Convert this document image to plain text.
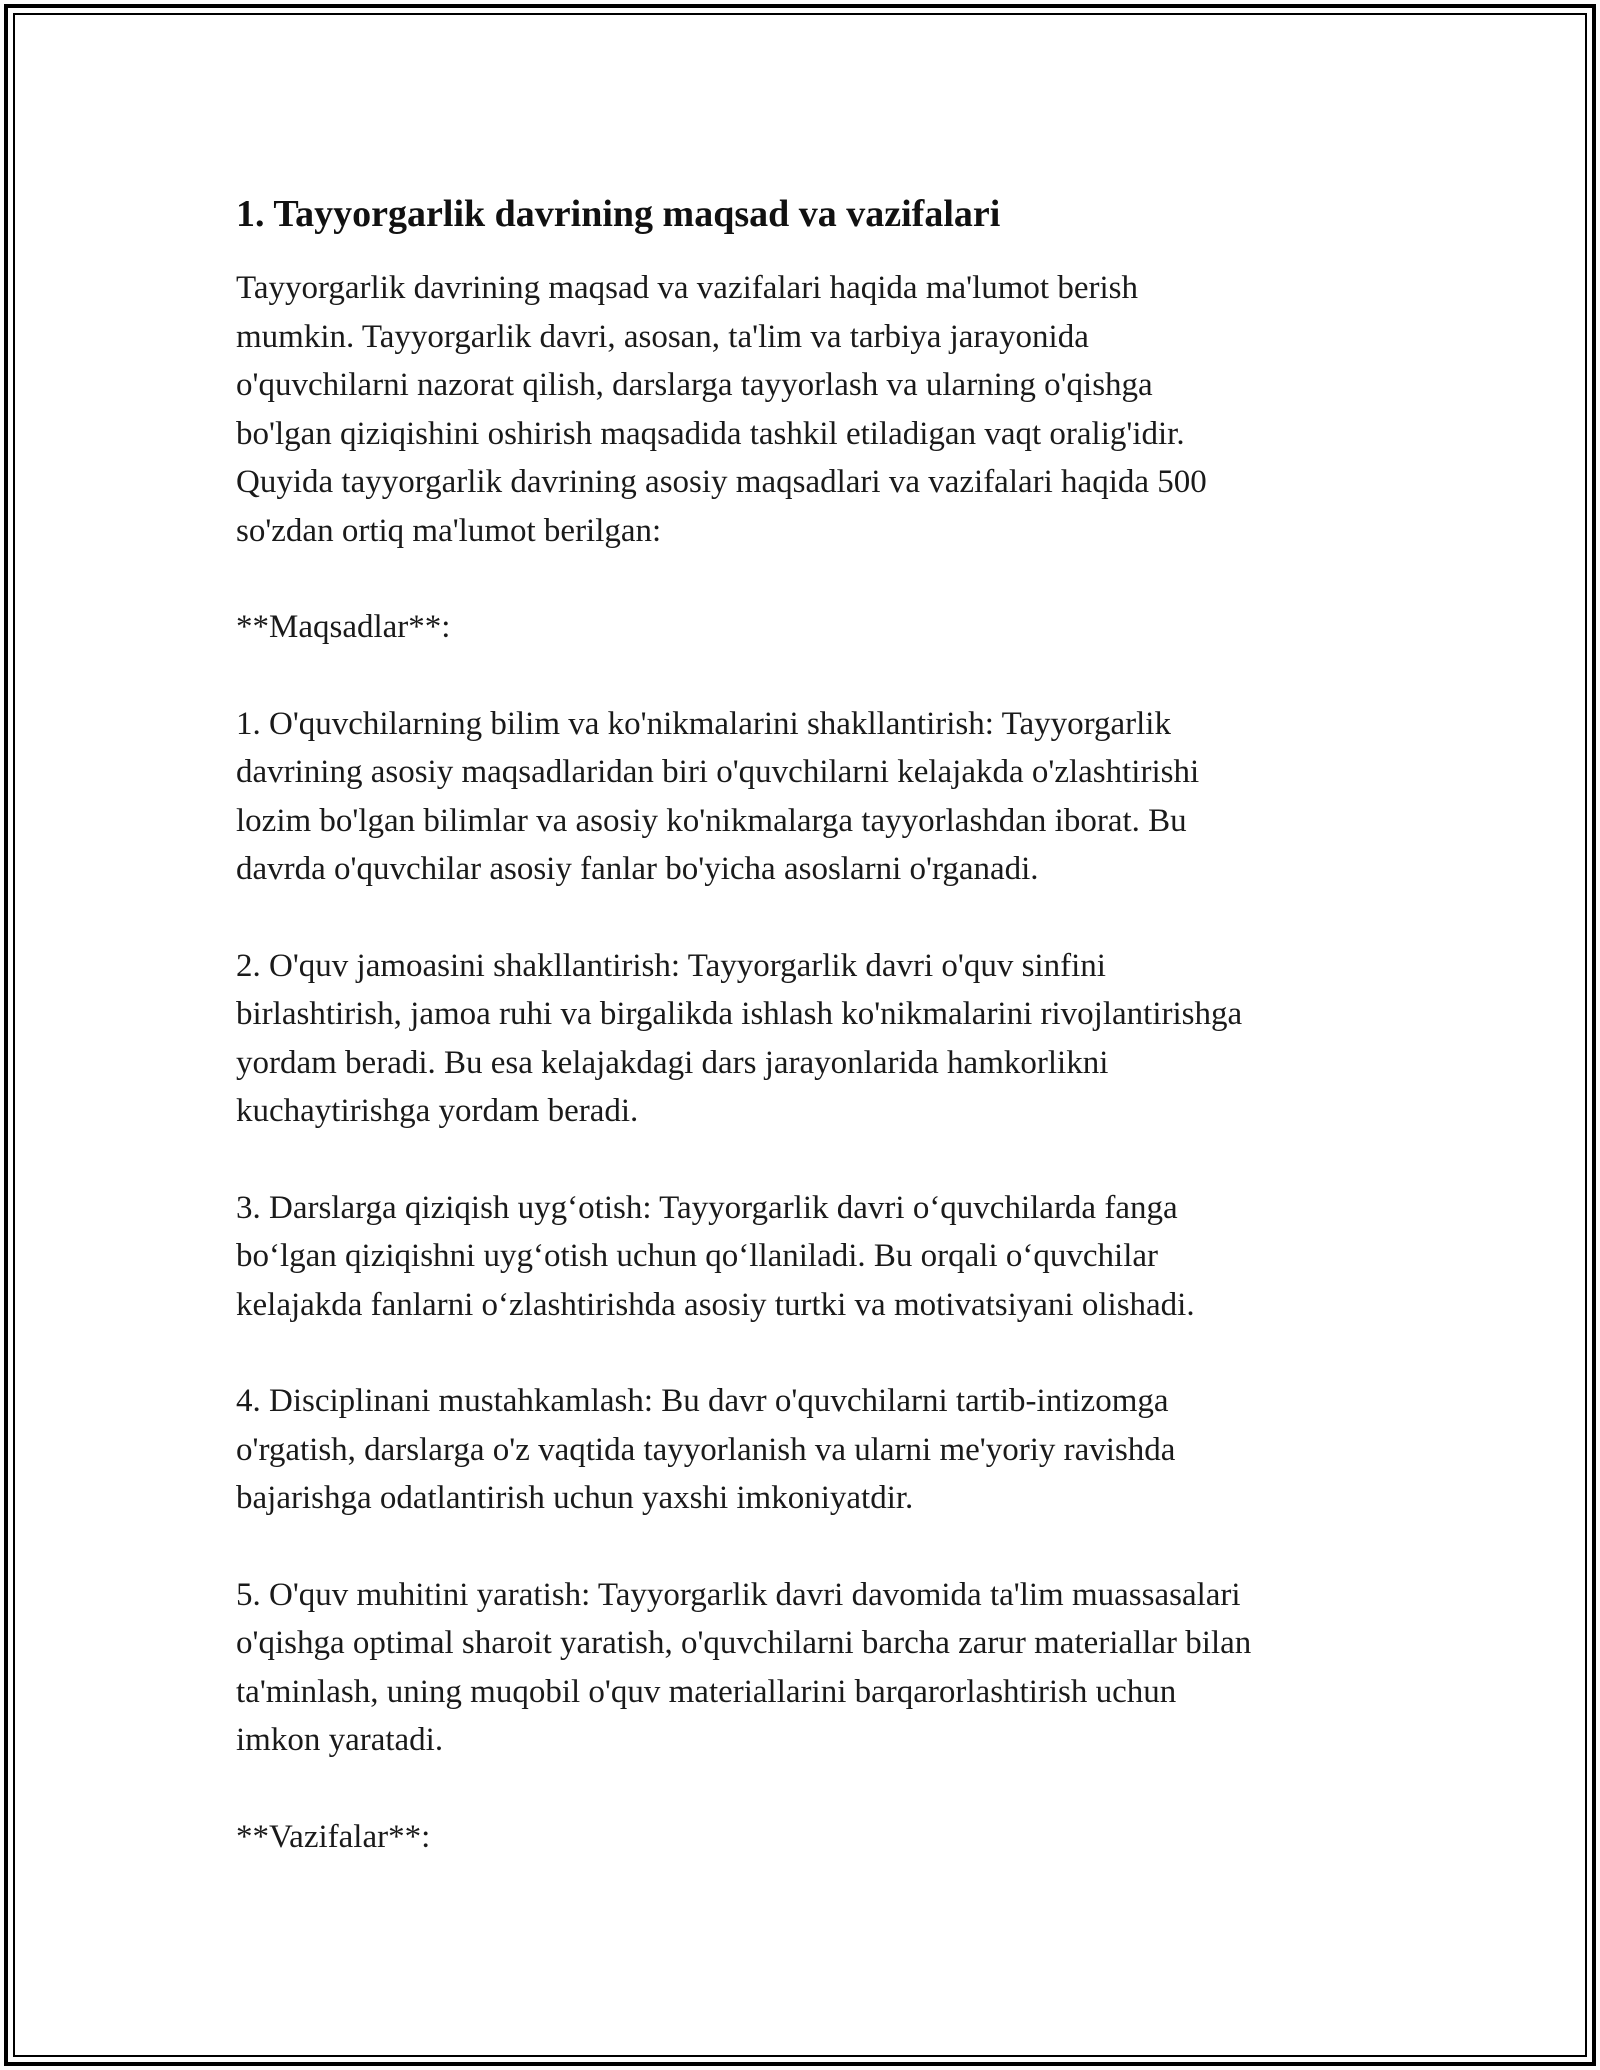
1. Tayyorgarlik davrining maqsad va vazifalari

Tayyorgarlik davrining maqsad va vazifalari haqida ma'lumot berish
mumkin. Tayyorgarlik davri, asosan, ta'lim va tarbiya jarayonida
o'quvchilarni nazorat qilish, darslarga tayyorlash va ularning o'qishga
bo'lgan qiziqishini oshirish maqsadida tashkil etiladigan vaqt oralig'idir.
Quyida tayyorgarlik davrining asosiy maqsadlari va vazifalari haqida 500
so'zdan ortiq ma'lumot berilgan:

**Maqsadlar**:

1. O'quvchilarning bilim va ko'nikmalarini shakllantirish: Tayyorgarlik
davrining asosiy maqsadlaridan biri o'quvchilarni kelajakda o'zlashtirishi
lozim bo'lgan bilimlar va asosiy ko'nikmalarga tayyorlashdan iborat. Bu
davrda o'quvchilar asosiy fanlar bo'yicha asoslarni o'rganadi.

2. O'quv jamoasini shakllantirish: Tayyorgarlik davri o'quv sinfini
birlashtirish, jamoa ruhi va birgalikda ishlash ko'nikmalarini rivojlantirishga
yordam beradi. Bu esa kelajakdagi dars jarayonlarida hamkorlikni
kuchaytirishga yordam beradi.

3. Darslarga qiziqish uyg‘otish: Tayyorgarlik davri o‘quvchilarda fanga
bo‘lgan qiziqishni uyg‘otish uchun qo‘llaniladi. Bu orqali o‘quvchilar
kelajakda fanlarni o‘zlashtirishda asosiy turtki va motivatsiyani olishadi.

4. Disciplinani mustahkamlash: Bu davr o'quvchilarni tartib-intizomga
o'rgatish, darslarga o'z vaqtida tayyorlanish va ularni me'yoriy ravishda
bajarishga odatlantirish uchun yaxshi imkoniyatdir.

5. O'quv muhitini yaratish: Tayyorgarlik davri davomida ta'lim muassasalari
o'qishga optimal sharoit yaratish, o'quvchilarni barcha zarur materiallar bilan
ta'minlash, uning muqobil o'quv materiallarini barqarorlashtirish uchun
imkon yaratadi.

**Vazifalar**:
